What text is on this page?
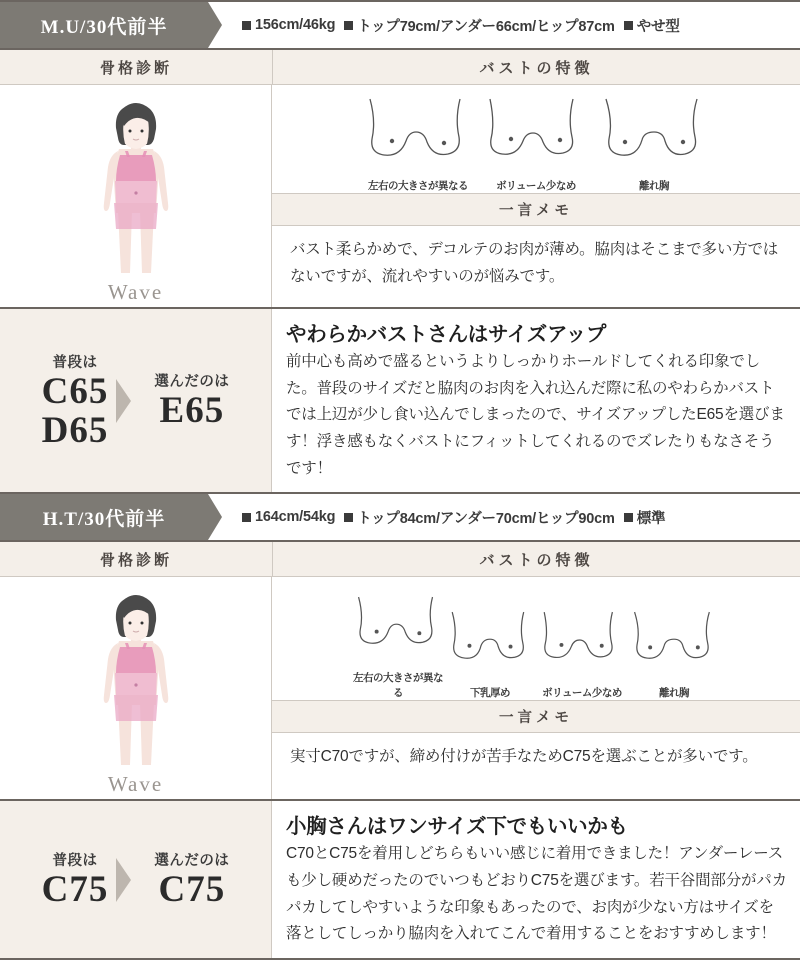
M.U/30代前半	156cm/46kg トップ79cm/アンダー66cm/ヒップ87cm やせ型
骨格診断	バストの特徴
Wave
左右の大きさが異なる	ボリューム少なめ	離れ胸
一言メモ
バスト柔らかめで、デコルテのお肉が薄め。脇肉はそこまで多い方ではないですが、流れやすいのが悩みです。
普段は
C65
D65
選んだのは
E65
やわらかバストさんはサイズアップ
前中心も高めで盛るというよりしっかりホールドしてくれる印象でした。普段のサイズだと脇肉のお肉を入れ込んだ際に私のやわらかバストでは上辺が少し食い込んでしまったので、サイズアップしたE65を選びます！浮き感もなくバストにフィットしてくれるのでズレたりもなさそうです！
H.T/30代前半	164cm/54kg トップ84cm/アンダー70cm/ヒップ90cm 標準
骨格診断	バストの特徴
Wave
左右の大きさが異なる	下乳厚め	ボリューム少なめ	離れ胸
一言メモ
実寸C70ですが、締め付けが苦手なためC75を選ぶことが多いです。
普段は
C75
選んだのは
C75
小胸さんはワンサイズ下でもいいかも
C70とC75を着用しどちらもいい感じに着用できました！アンダーレースも少し硬めだったのでいつもどおりC75を選びます。若干谷間部分がパカパカしてしやすいような印象もあったので、お肉が少ない方はサイズを落としてしっかり脇肉を入れてこんで着用することをおすすめします！
